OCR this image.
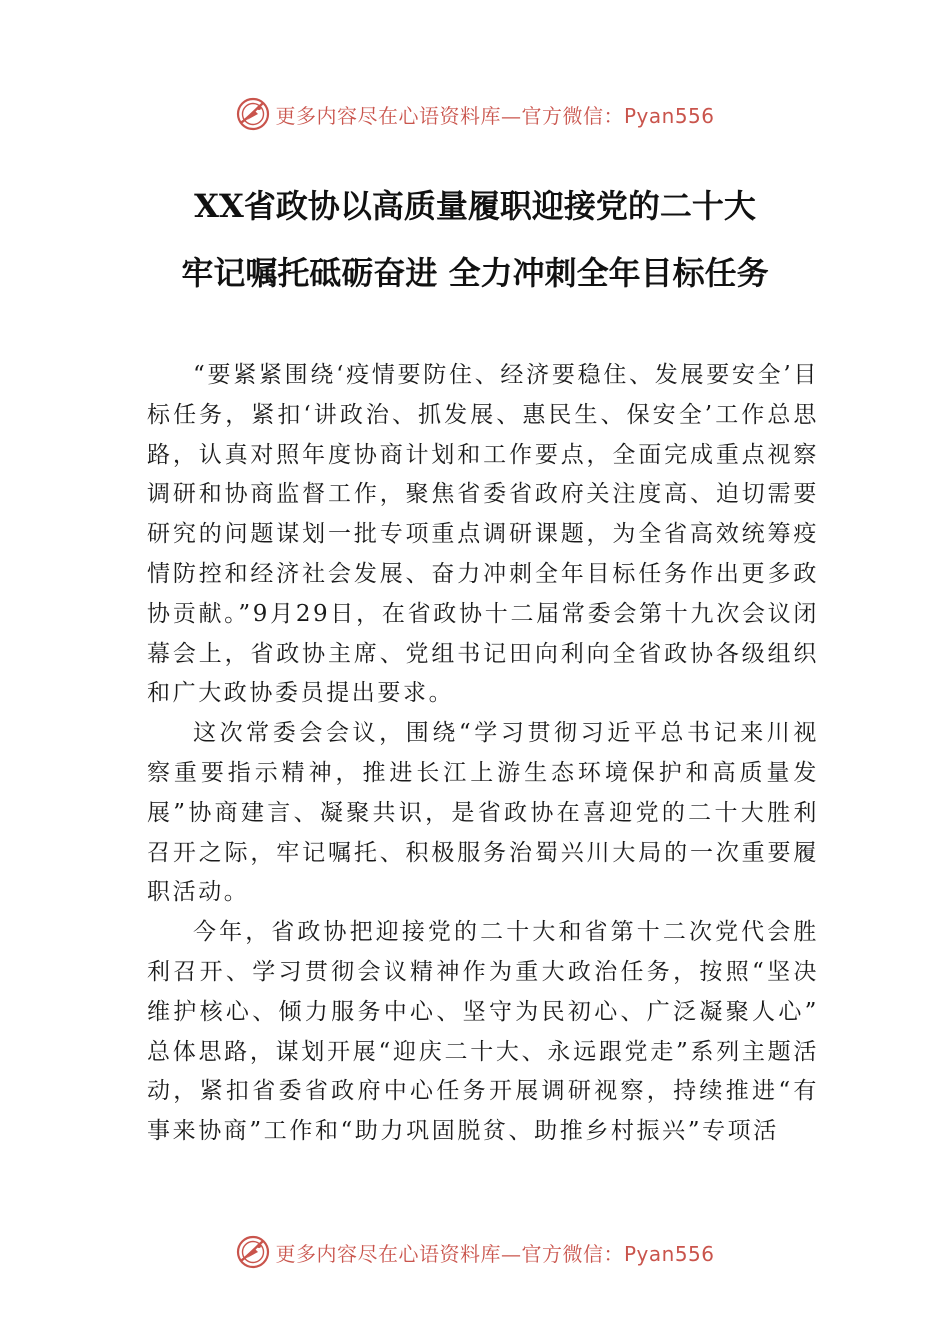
更多内容尽在心语资料库—官方微信：Pyan556
XX省政协以高质量履职迎接党的二十大
牢记嘱托砥砺奋进 全力冲刺全年目标任务

“要紧紧围绕‘疫情要防住、经济要稳住、发展要安全’目标任务，紧扣‘讲政治、抓发展、惠民生、保安全’工作总思路，认真对照年度协商计划和工作要点，全面完成重点视察调研和协商监督工作，聚焦省委省政府关注度高、迫切需要研究的问题谋划一批专项重点调研课题，为全省高效统筹疫情防控和经济社会发展、奋力冲刺全年目标任务作出更多政协贡献。”9月29日，在省政协十二届常委会第十九次会议闭幕会上，省政协主席、党组书记田向利向全省政协各级组织和广大政协委员提出要求。

这次常委会会议，围绕“学习贯彻习近平总书记来川视察重要指示精神，推进长江上游生态环境保护和高质量发展”协商建言、凝聚共识，是省政协在喜迎党的二十大胜利召开之际，牢记嘱托、积极服务治蜀兴川大局的一次重要履职活动。

今年，省政协把迎接党的二十大和省第十二次党代会胜利召开、学习贯彻会议精神作为重大政治任务，按照“坚决维护核心、倾力服务中心、坚守为民初心、广泛凝聚人心” 总体思路，谋划开展“迎庆二十大、永远跟党走”系列主题活动，紧扣省委省政府中心任务开展调研视察，持续推进“有事来协商”工作和“助力巩固脱贫、助推乡村振兴”专项活

更多内容尽在心语资料库—官方微信：Pyan556
